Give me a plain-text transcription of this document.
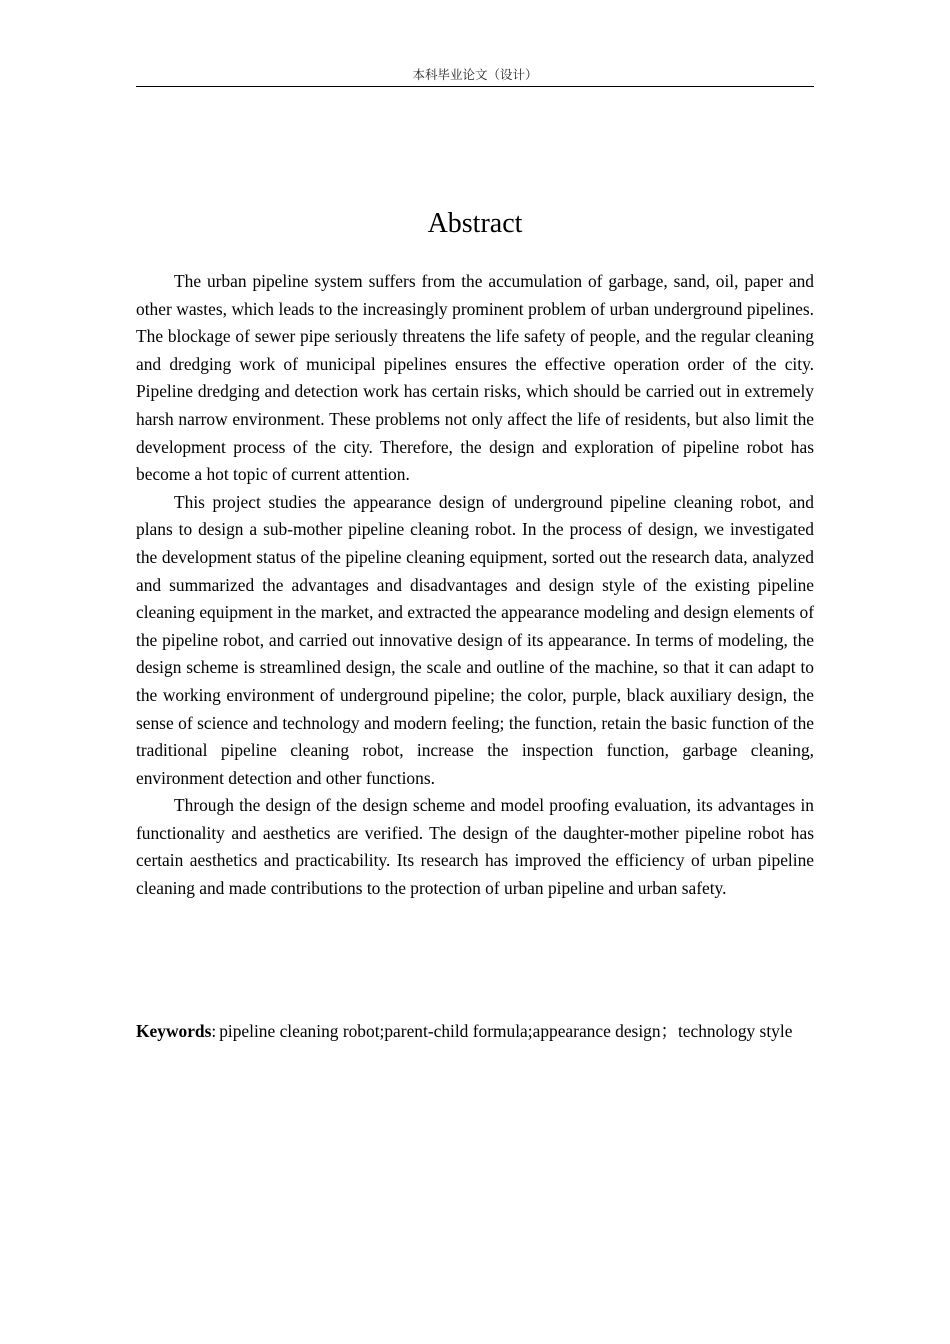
本科毕业论文（设计）
Abstract

The urban pipeline system suffers from the accumulation of garbage, sand, oil, paper and other wastes, which leads to the increasingly prominent problem of urban underground pipelines. The blockage of sewer pipe seriously threatens the life safety of people, and the regular cleaning and dredging work of municipal pipelines ensures the effective operation order of the city. Pipeline dredging and detection work has certain risks, which should be carried out in extremely harsh narrow environment. These problems not only affect the life of residents, but also limit the development process of the city. Therefore, the design and exploration of pipeline robot has become a hot topic of current attention.

This project studies the appearance design of underground pipeline cleaning robot, and plans to design a sub-mother pipeline cleaning robot. In the process of design, we investigated the development status of the pipeline cleaning equipment, sorted out the research data, analyzed and summarized the advantages and disadvantages and design style of the existing pipeline cleaning equipment in the market, and extracted the appearance modeling and design elements of the pipeline robot, and carried out innovative design of its appearance. In terms of modeling, the design scheme is streamlined design, the scale and outline of the machine, so that it can adapt to the working environment of underground pipeline; the color, purple, black auxiliary design, the sense of science and technology and modern feeling; the function, retain the basic function of the traditional pipeline cleaning robot, increase the inspection function, garbage cleaning, environment detection and other functions.

Through the design of the design scheme and model proofing evaluation, its advantages in functionality and aesthetics are verified. The design of the daughter-mother pipeline robot has certain aesthetics and practicability. Its research has improved the efficiency of urban pipeline cleaning and made contributions to the protection of urban pipeline and urban safety.

Keywords : pipeline cleaning robot;parent-child formula;appearance design；technology style
